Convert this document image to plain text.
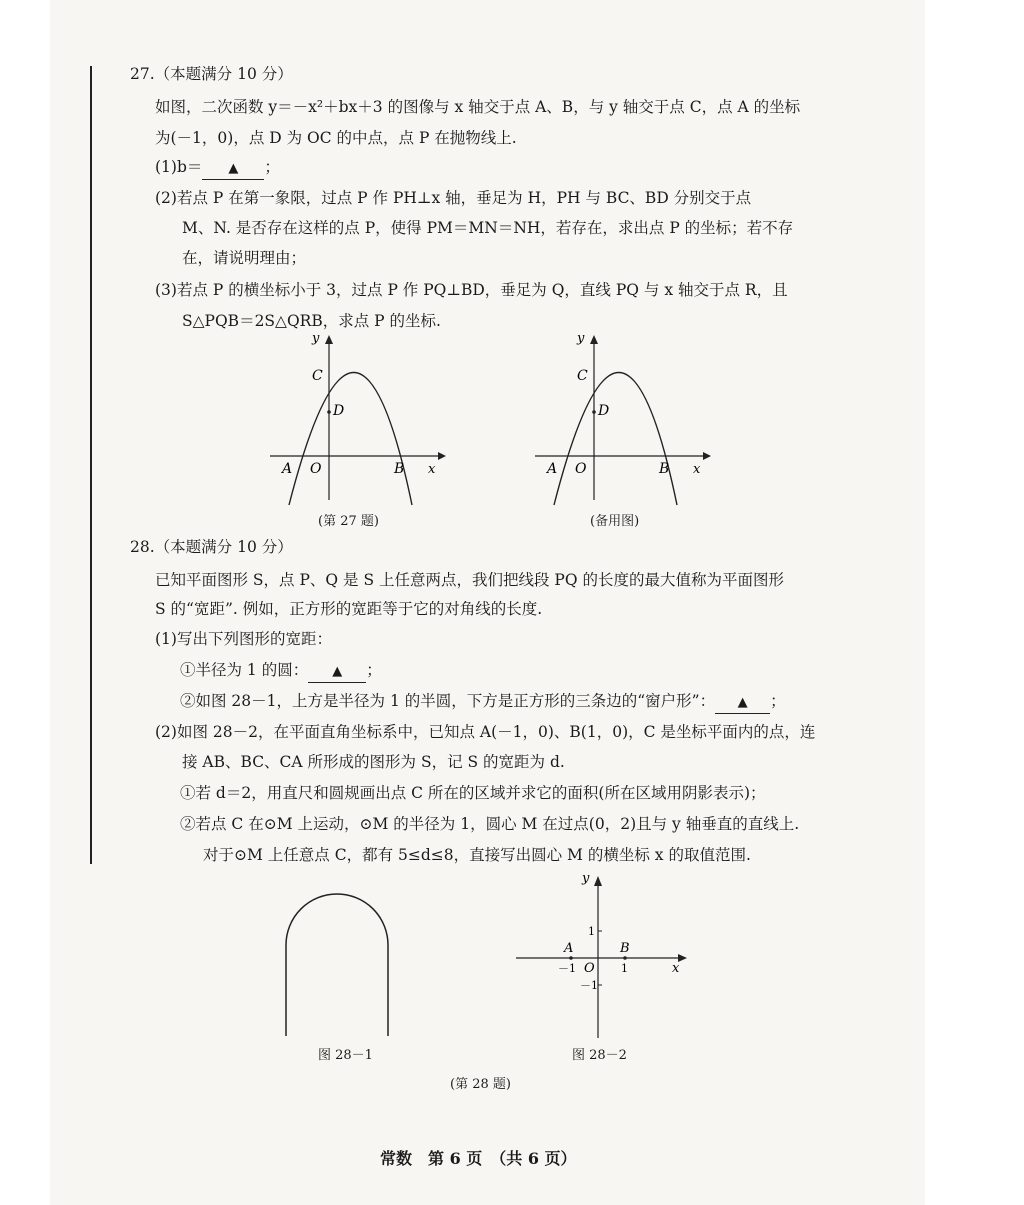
27.（本题满分 10 分）
如图，二次函数 y＝－x²＋bx＋3 的图像与 x 轴交于点 A、B，与 y 轴交于点 C，点 A 的坐标
为(－1，0)，点 D 为 OC 的中点，点 P 在抛物线上.
(1)b＝ ▲ ；
(2)若点 P 在第一象限，过点 P 作 PH⊥x 轴，垂足为 H，PH 与 BC、BD 分别交于点
M、N. 是否存在这样的点 P，使得 PM＝MN＝NH，若存在，求出点 P 的坐标；若不存
在，请说明理由；
(3)若点 P 的横坐标小于 3，过点 P 作 PQ⊥BD，垂足为 Q，直线 PQ 与 x 轴交于点 R，且
S△PQB＝2S△QRB，求点 P 的坐标.
y
x
C
D
A O	B
(第 27 题)
y
x
C
D
A O	B
(备用图)
28.（本题满分 10 分）
已知平面图形 S，点 P、Q 是 S 上任意两点，我们把线段 PQ 的长度的最大值称为平面图形
S 的“宽距”. 例如，正方形的宽距等于它的对角线的长度.
(1)写出下列图形的宽距：
①半径为 1 的圆： ▲ ；
②如图 28－1，上方是半径为 1 的半圆，下方是正方形的三条边的“窗户形”： ▲ ；
(2)如图 28－2，在平面直角坐标系中，已知点 A(－1，0)、B(1，0)，C 是坐标平面内的点，连
接 AB、BC、CA 所形成的图形为 S，记 S 的宽距为 d.
①若 d＝2，用直尺和圆规画出点 C 所在的区域并求它的面积(所在区域用阴影表示)；
②若点 C 在⊙M 上运动，⊙M 的半径为 1，圆心 M 在过点(0，2)且与 y 轴垂直的直线上.
对于⊙M 上任意点 C，都有 5≤d≤8，直接写出圆心 M 的横坐标 x 的取值范围.
图 28－1
y
x
A	B
O
1
－1	1
－1
图 28－2
(第 28 题)
常数　第 6 页　（共 6 页）
